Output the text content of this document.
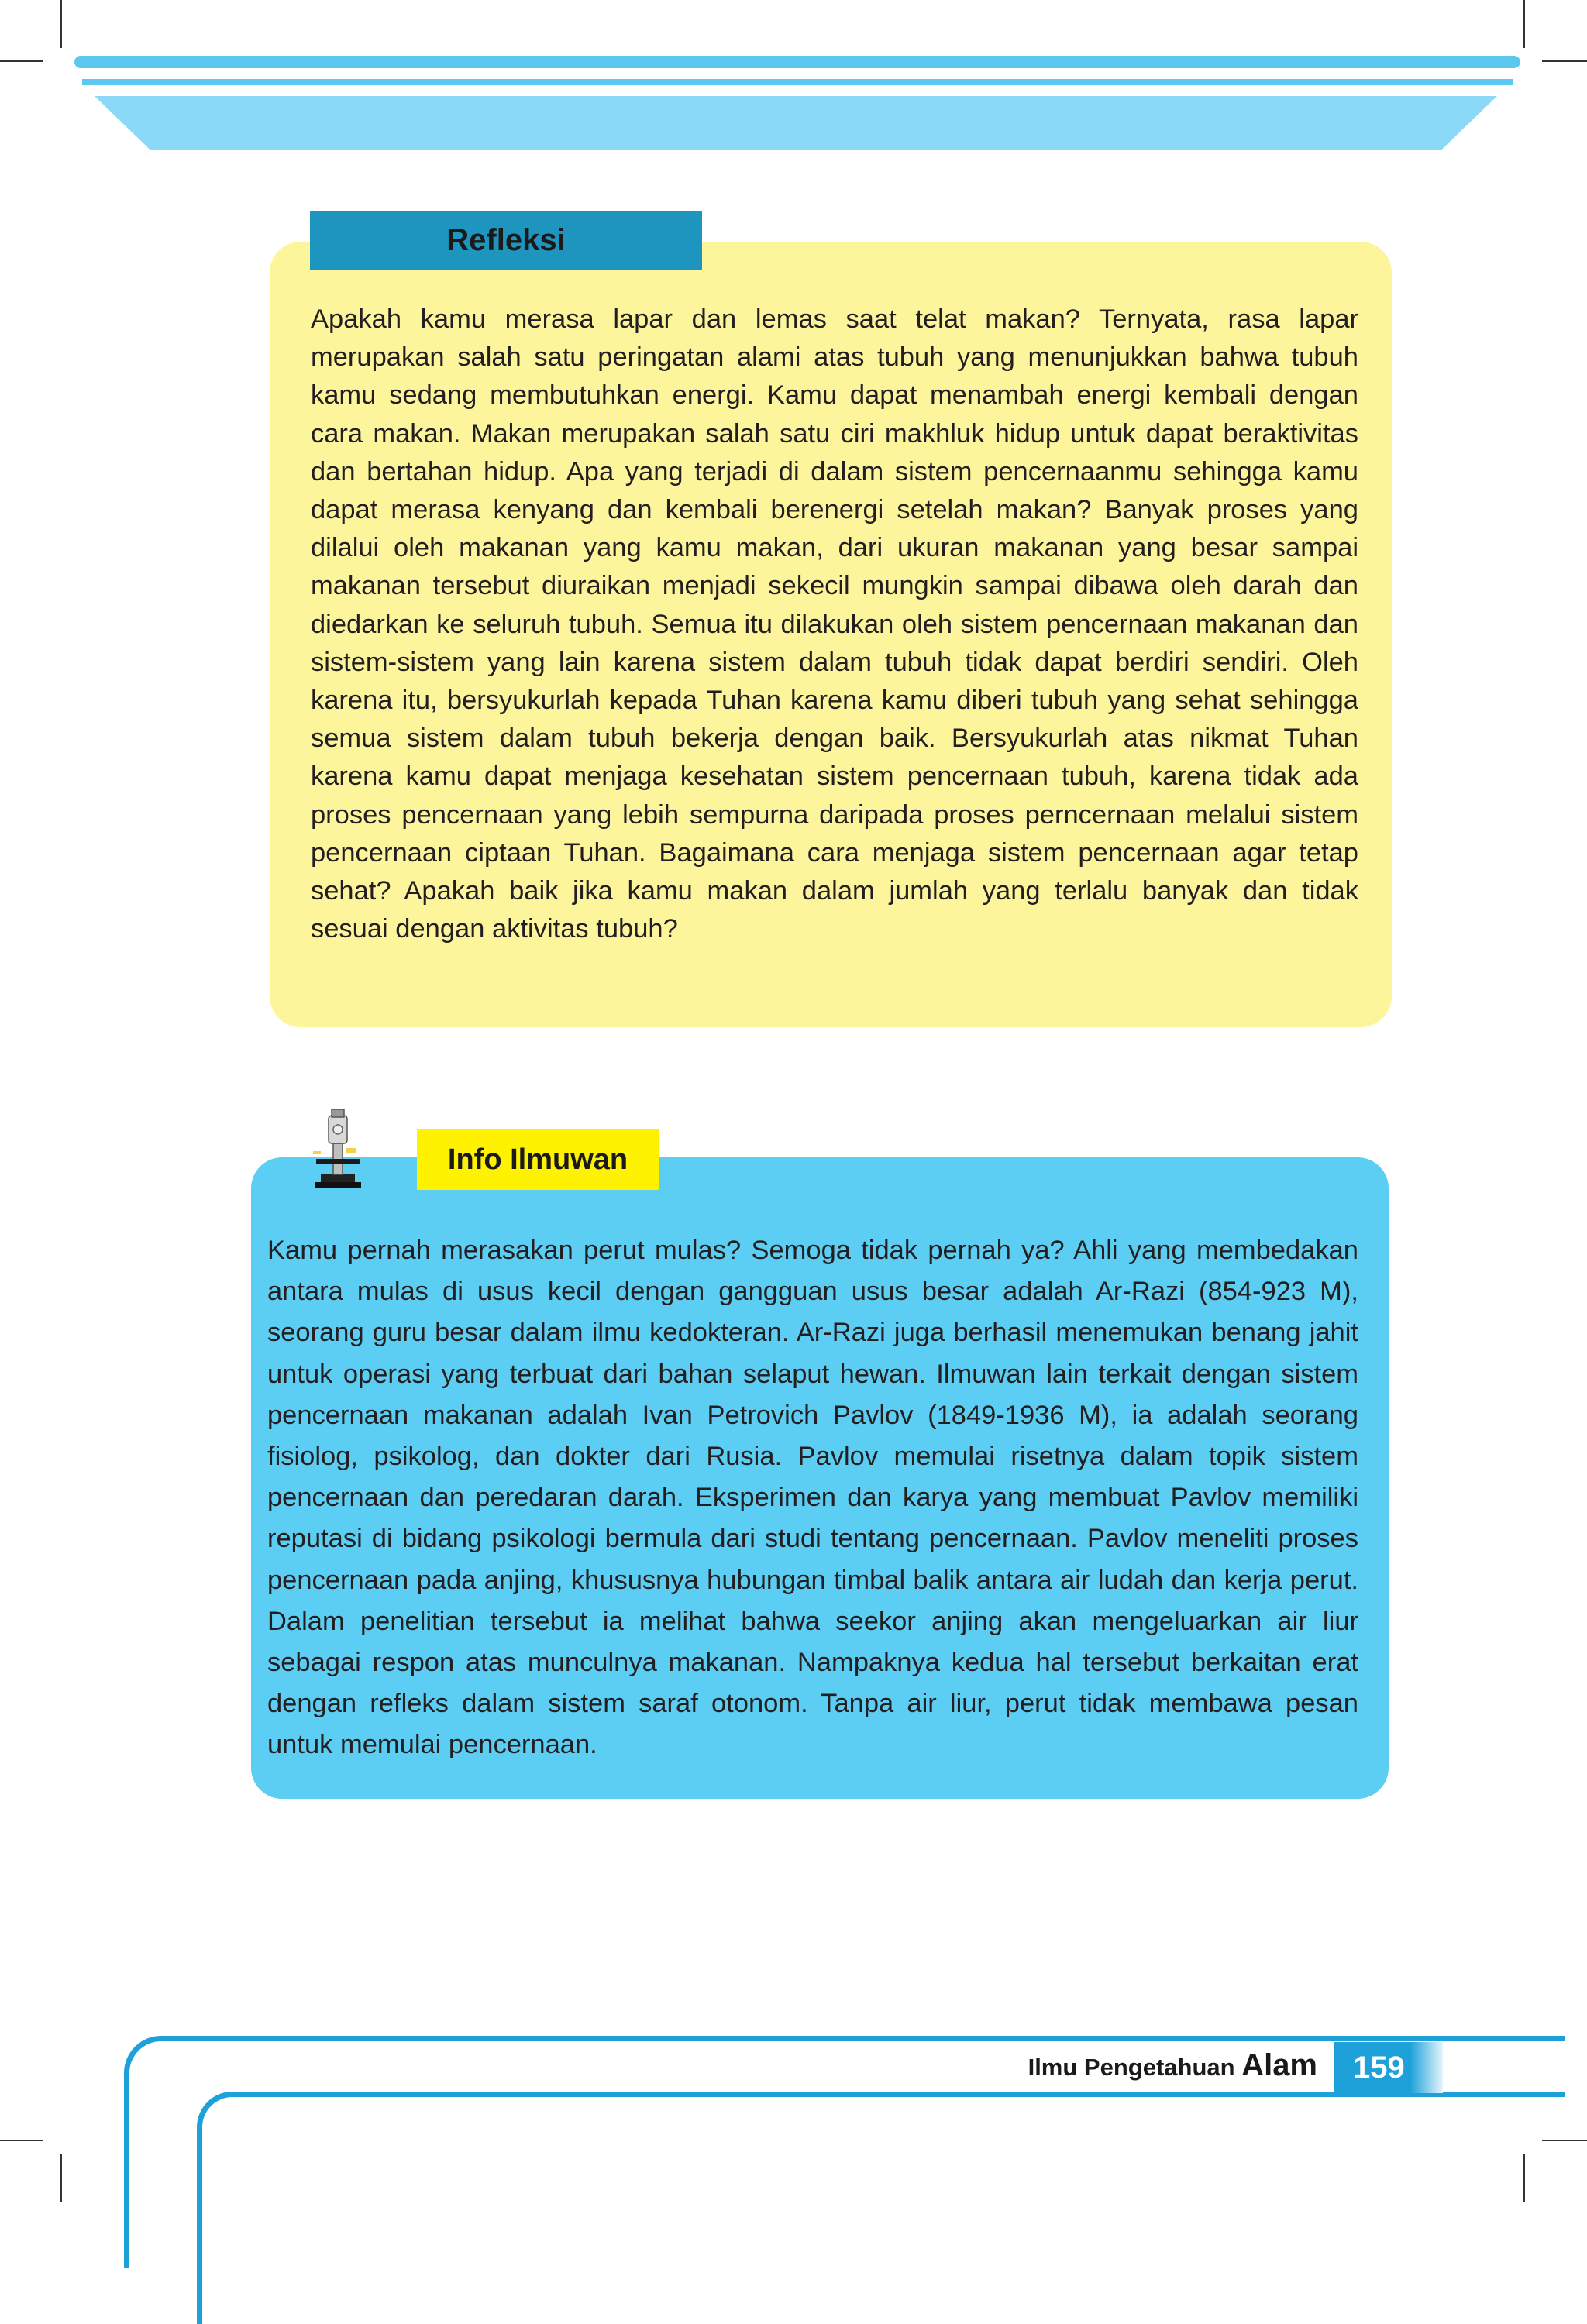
Refleksi

Apakah kamu merasa lapar dan lemas saat telat makan? Ternyata, rasa lapar merupakan salah satu peringatan alami atas tubuh yang menunjukkan bahwa tubuh kamu sedang membutuhkan energi. Kamu dapat menambah energi kembali dengan cara makan. Makan merupakan salah satu ciri makhluk hidup untuk dapat beraktivitas dan bertahan hidup. Apa yang terjadi di dalam sistem pencernaanmu sehingga kamu dapat merasa kenyang dan kembali berenergi setelah makan? Banyak proses yang dilalui oleh makanan yang kamu makan, dari ukuran makanan yang besar sampai makanan tersebut diuraikan menjadi sekecil mungkin sampai dibawa oleh darah dan diedarkan ke seluruh tubuh. Semua itu dilakukan oleh sistem pencernaan makanan dan sistem-sistem yang lain karena sistem dalam tubuh tidak dapat berdiri sendiri. Oleh karena itu, bersyukurlah kepada Tuhan karena kamu diberi tubuh yang sehat sehingga semua sistem dalam tubuh bekerja dengan baik. Bersyukurlah atas nikmat Tuhan karena kamu dapat menjaga kesehatan sistem pencernaan tubuh, karena tidak ada proses pencernaan yang lebih sempurna daripada proses perncernaan melalui sistem pencernaan ciptaan Tuhan. Bagaimana cara menjaga sistem pencernaan agar tetap sehat? Apakah baik jika kamu makan dalam jumlah yang terlalu banyak dan tidak sesuai dengan aktivitas tubuh?

Info Ilmuwan

Kamu pernah merasakan perut mulas? Semoga tidak pernah ya? Ahli yang membedakan antara mulas di usus kecil dengan gangguan usus besar adalah Ar-Razi (854-923 M), seorang guru besar dalam ilmu kedokteran. Ar-Razi juga berhasil menemukan benang jahit untuk operasi yang terbuat dari bahan selaput hewan. Ilmuwan lain terkait dengan sistem pencernaan makanan adalah Ivan Petrovich Pavlov (1849-1936 M), ia adalah seorang fisiolog, psikolog, dan dokter dari Rusia. Pavlov memulai risetnya dalam topik sistem pencernaan dan peredaran darah. Eksperimen dan karya yang membuat Pavlov memiliki reputasi di bidang psikologi bermula dari studi tentang pencernaan. Pavlov meneliti proses pencernaan pada anjing, khususnya hubungan timbal balik antara air ludah dan kerja perut. Dalam penelitian tersebut ia melihat bahwa seekor anjing akan mengeluarkan air liur sebagai respon atas munculnya makanan. Nampaknya kedua hal tersebut berkaitan erat dengan refleks dalam sistem saraf otonom. Tanpa air liur, perut tidak membawa pesan untuk memulai pencernaan.

Ilmu Pengetahuan Alam 159
